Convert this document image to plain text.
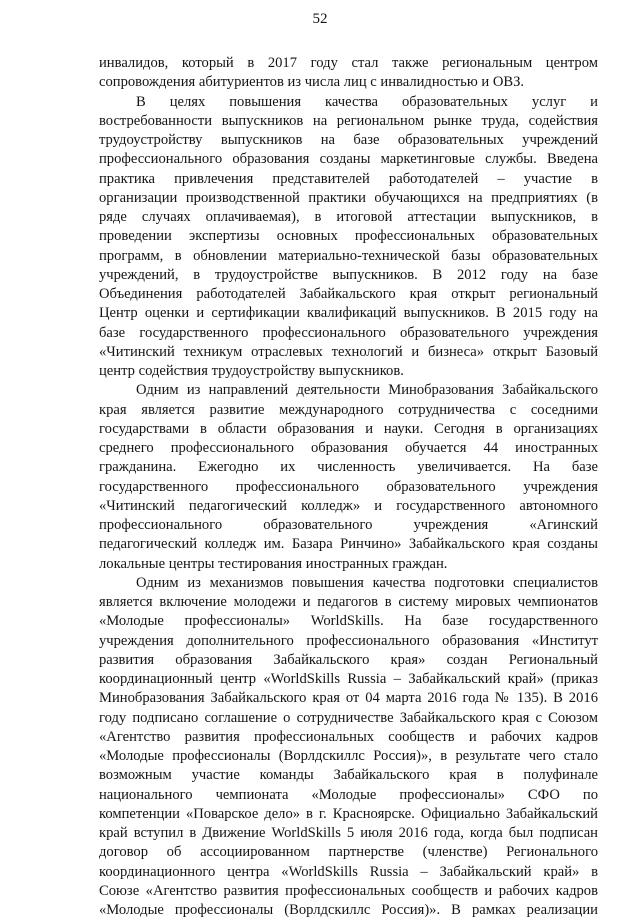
52
инвалидов, который в 2017 году стал также региональным центром
сопровождения абитуриентов из числа лиц с инвалидностью и ОВЗ.
В целях повышения качества образовательных услуг и
востребованности выпускников на региональном рынке труда, содействия
трудоустройству выпускников на базе образовательных учреждений
профессионального образования созданы маркетинговые службы. Введена
практика привлечения представителей работодателей – участие в
организации производственной практики обучающихся на предприятиях (в
ряде случаях оплачиваемая), в итоговой аттестации выпускников, в
проведении экспертизы основных профессиональных образовательных
программ, в обновлении материально-технической базы образовательных
учреждений, в трудоустройстве выпускников. В 2012 году на базе
Объединения работодателей Забайкальского края открыт региональный
Центр оценки и сертификации квалификаций выпускников. В 2015 году на
базе государственного профессионального образовательного учреждения
«Читинский техникум отраслевых технологий и бизнеса» открыт Базовый
центр содействия трудоустройству выпускников.
Одним из направлений деятельности Минобразования Забайкальского
края является развитие международного сотрудничества с соседними
государствами в области образования и науки. Сегодня в организациях
среднего профессионального образования обучается 44 иностранных
гражданина. Ежегодно их численность увеличивается. На базе
государственного профессионального образовательного учреждения
«Читинский педагогический колледж» и государственного автономного
профессионального образовательного учреждения «Агинский
педагогический колледж им. Базара Ринчино» Забайкальского края созданы
локальные центры тестирования иностранных граждан.
Одним из механизмов повышения качества подготовки специалистов
является включение молодежи и педагогов в систему мировых чемпионатов
«Молодые профессионалы» WorldSkills. На базе государственного
учреждения дополнительного профессионального образования «Институт
развития образования Забайкальского края» создан Региональный
координационный центр «WorldSkills Russia – Забайкальский край» (приказ
Минобразования Забайкальского края от 04 марта 2016 года № 135). В 2016
году подписано соглашение о сотрудничестве Забайкальского края с Союзом
«Агентство развития профессиональных сообществ и рабочих кадров
«Молодые профессионалы (Ворлдскиллс Россия)», в результате чего стало
возможным участие команды Забайкальского края в полуфинале
национального чемпионата «Молодые профессионалы» СФО по
компетенции «Поварское дело» в г. Красноярске. Официально Забайкальский
край вступил в Движение WorldSkills 5 июля 2016 года, когда был подписан
договор об ассоциированном партнерстве (членстве) Регионального
координационного центра «WorldSkills Russia – Забайкальский край» в
Союзе «Агентство развития профессиональных сообществ и рабочих кадров
«Молодые профессионалы (Ворлдскиллс Россия)». В рамках реализации
